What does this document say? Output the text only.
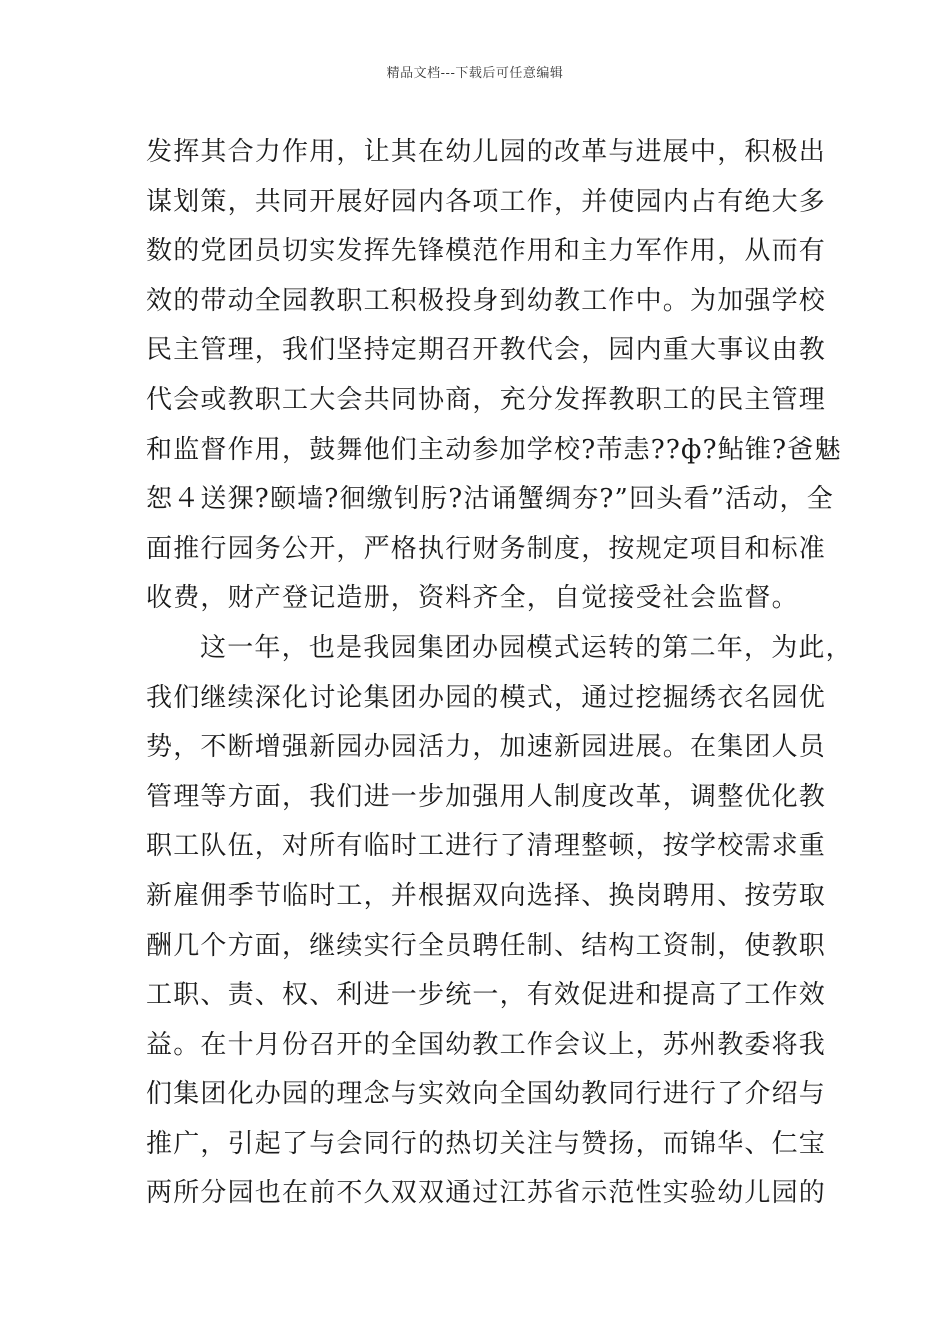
精品文档---下载后可任意编辑
发挥其合力作用，让其在幼儿园的改革与进展中，积极出
谋划策，共同开展好园内各项工作，并使园内占有绝大多
数的党团员切实发挥先锋模范作用和主力军作用，从而有
效的带动全园教职工积极投身到幼教工作中。为加强学校
民主管理，我们坚持定期召开教代会，园内重大事议由教
代会或教职工大会共同协商，充分发挥教职工的民主管理
和监督作用，鼓舞他们主动参加学校?芾恚??ф?鲇锥?爸魅
恕４送猓?颐墙?徊缴钊肟?沽诵蟹绸夯?”回头看”活动，全
面推行园务公开，严格执行财务制度，按规定项目和标准
收费，财产登记造册，资料齐全，自觉接受社会监督。
这一年，也是我园集团办园模式运转的第二年，为此，
我们继续深化讨论集团办园的模式，通过挖掘绣衣名园优
势，不断增强新园办园活力，加速新园进展。在集团人员
管理等方面，我们进一步加强用人制度改革，调整优化教
职工队伍，对所有临时工进行了清理整顿，按学校需求重
新雇佣季节临时工，并根据双向选择、换岗聘用、按劳取
酬几个方面，继续实行全员聘任制、结构工资制，使教职
工职、责、权、利进一步统一，有效促进和提高了工作效
益。在十月份召开的全国幼教工作会议上，苏州教委将我
们集团化办园的理念与实效向全国幼教同行进行了介绍与
推广，引起了与会同行的热切关注与赞扬，而锦华、仁宝
两所分园也在前不久双双通过江苏省示范性实验幼儿园的
